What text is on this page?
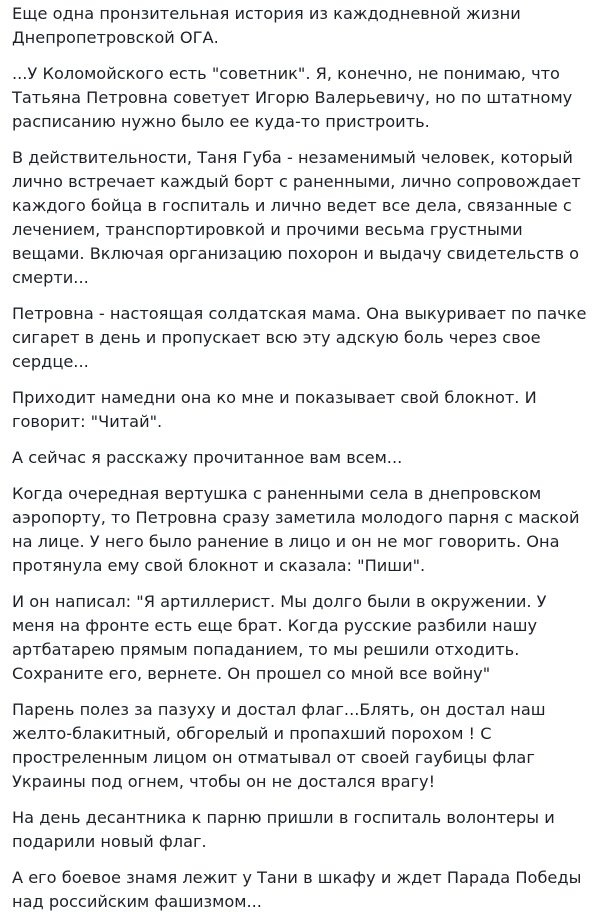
Еще одна пронзительная история из каждодневной жизни Днепропетровской ОГА.

...У Коломойского есть "советник". Я, конечно, не понимаю, что Татьяна Петровна советует Игорю Валерьевичу, но по штатному расписанию нужно было ее куда-то пристроить.

В действительности, Таня Губа - незаменимый человек, который лично встречает каждый борт с раненными, лично сопровождает каждого бойца в госпиталь и лично ведет все дела, связанные с лечением, транспортировкой и прочими весьма грустными вещами. Включая организацию похорон и выдачу свидетельств о смерти...

Петровна - настоящая солдатская мама. Она выкуривает по пачке сигарет в день и пропускает всю эту адскую боль через свое сердце...

Приходит намедни она ко мне и показывает свой блокнот. И говорит: "Читай".

А сейчас я расскажу прочитанное вам всем...

Когда очередная вертушка с раненными села в днепровском аэропорту, то Петровна сразу заметила молодого парня с маской на лице. У него было ранение в лицо и он не мог говорить. Она протянула ему свой блокнот и сказала: "Пиши".

И он написал: "Я артиллерист. Мы долго были в окружении. У меня на фронте есть еще брат. Когда русские разбили нашу артбатарею прямым попаданием, то мы решили отходить. Сохраните его, вернете. Он прошел со мной все войну"

Парень полез за пазуху и достал флаг...Блять, он достал наш желто-блакитный, обгорелый и пропахший порохом ! С простреленным лицом он отматывал от своей гаубицы флаг Украины под огнем, чтобы он не достался врагу!

На день десантника к парню пришли в госпиталь волонтеры и подарили новый флаг.

А его боевое знамя лежит у Тани в шкафу и ждет Парада Победы над российским фашизмом...
